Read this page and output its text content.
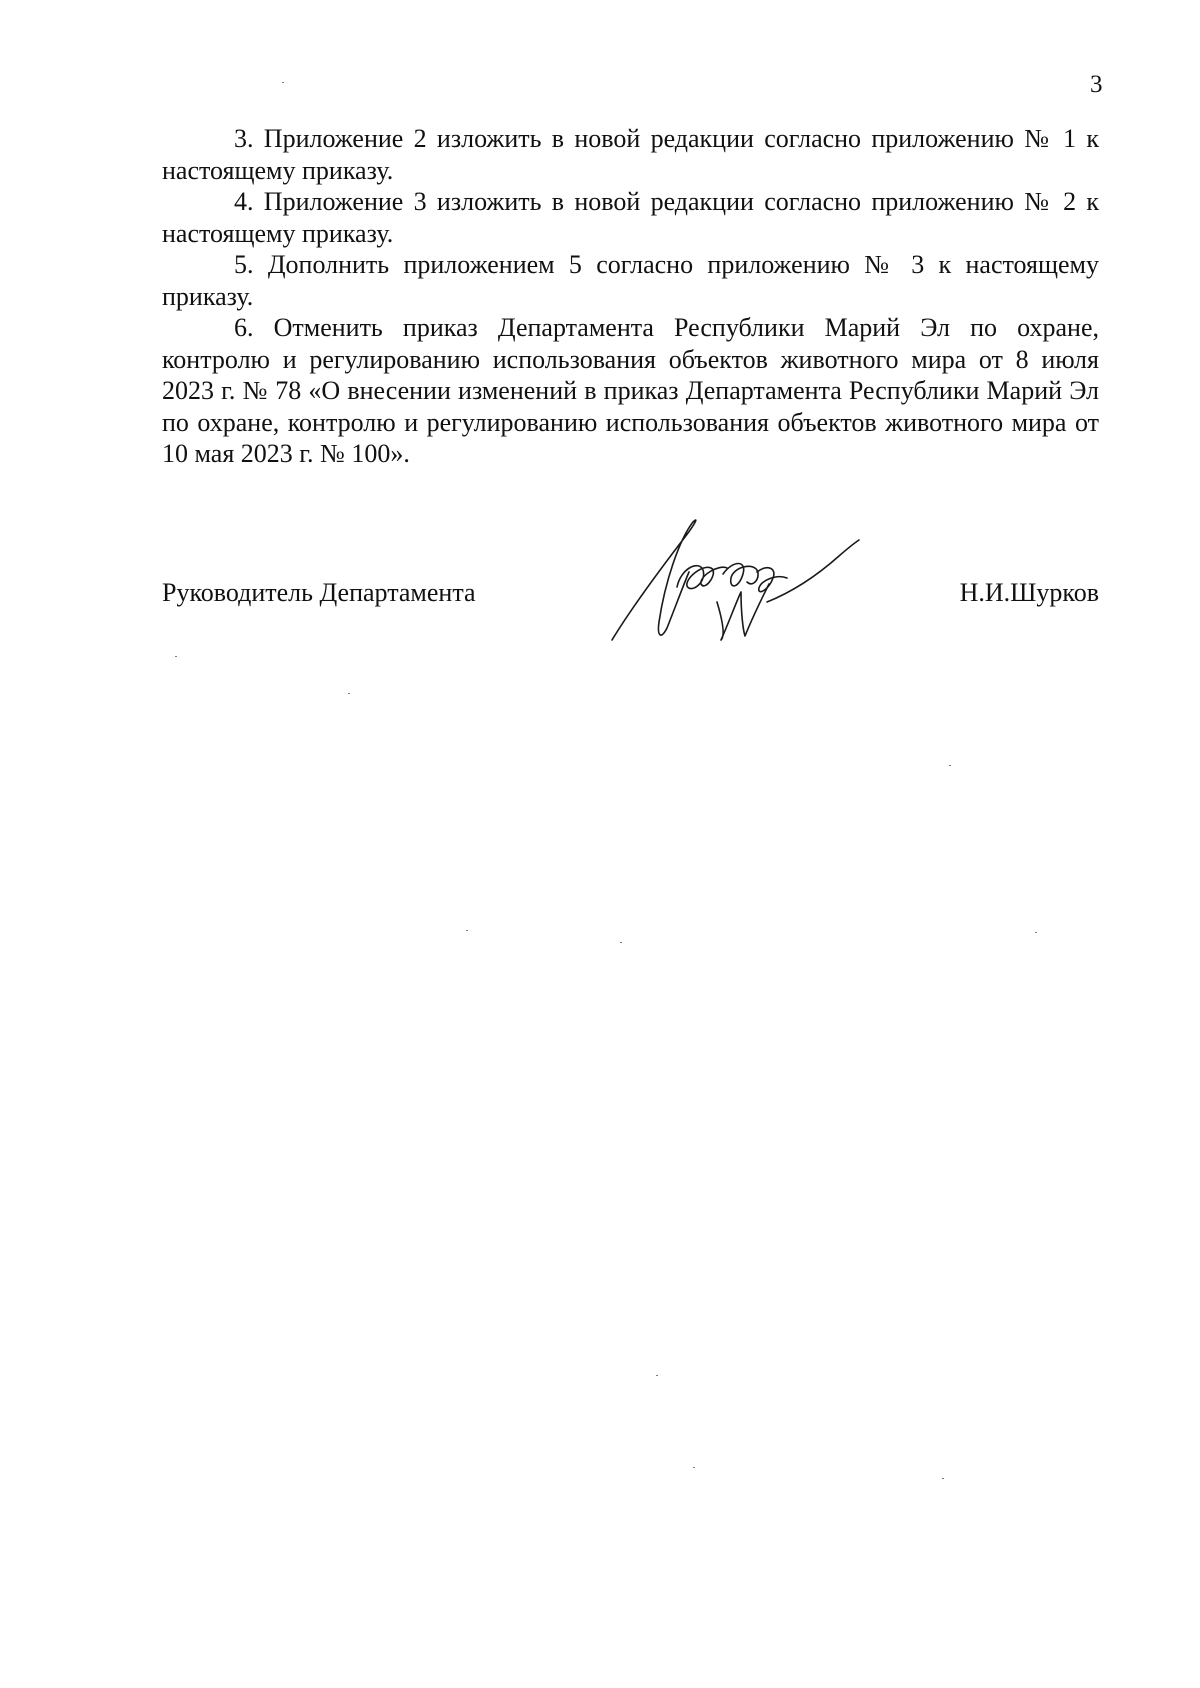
3

3. Приложение 2 изложить в новой редакции согласно приложению № 1 к настоящему приказу.

4. Приложение 3 изложить в новой редакции согласно приложению № 2 к настоящему приказу.

5. Дополнить приложением 5 согласно приложению № 3 к настоящему приказу.

6. Отменить приказ Департамента Республики Марий Эл по охране, контролю и регулированию использования объектов животного мира от 8 июля 2023 г. № 78 «О внесении изменений в приказ Департамента Республики Марий Эл по охране, контролю и регулированию использования объектов животного мира от 10 мая 2023 г. № 100».

Руководитель Департамента	Н.И.Шурков
